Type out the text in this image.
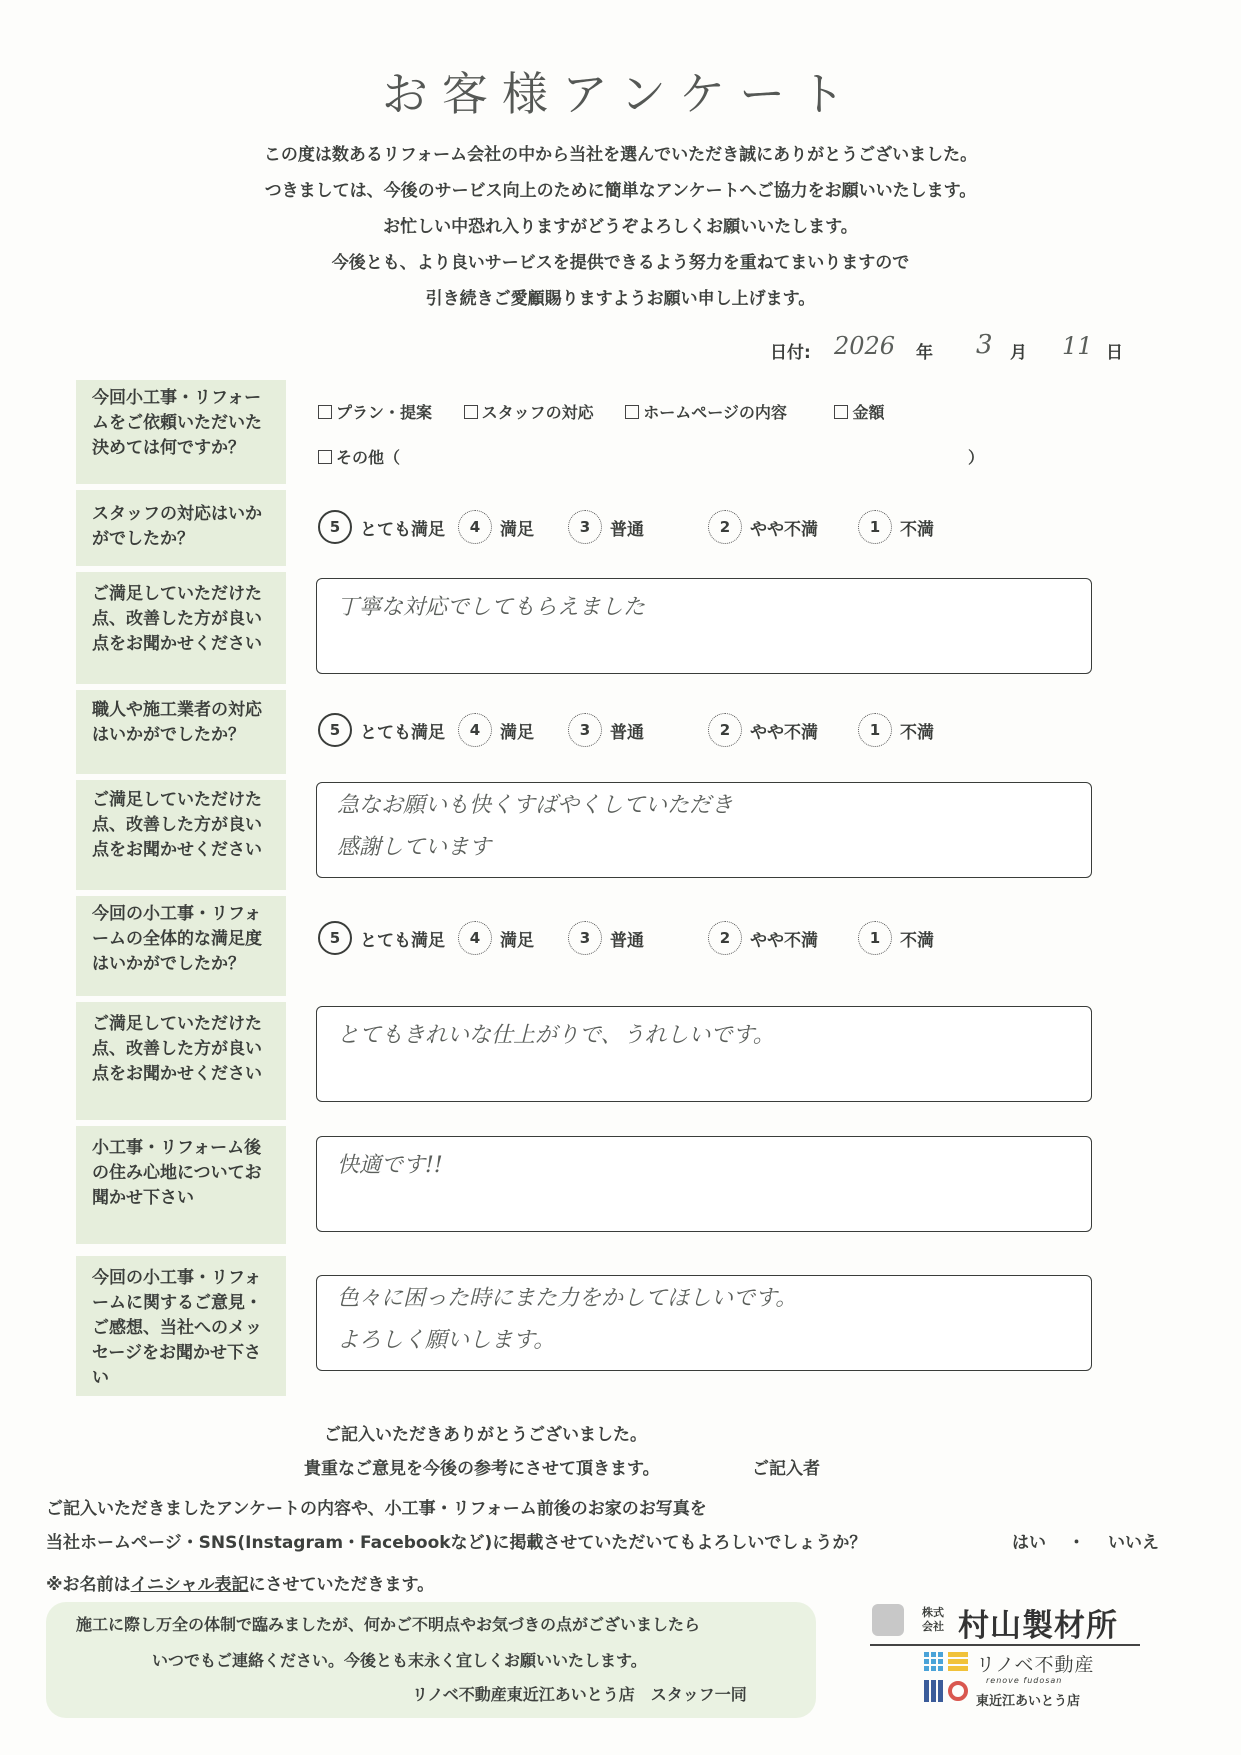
お客様アンケート
この度は数あるリフォーム会社の中から当社を選んでいただき誠にありがとうございました。
つきましては、今後のサービス向上のために簡単なアンケートへご協力をお願いいたします。
お忙しい中恐れ入りますがどうぞよろしくお願いいたします。
今後とも、より良いサービスを提供できるよう努力を重ねてまいりますので
引き続きご愛顧賜りますようお願い申し上げます。
日付: 2026 年 3 月 11 日
今回小工事・リフォームをご依頼いただいた決めては何ですか？
プラン・提案	スタッフの対応	ホームページの内容	金額
その他（	）
スタッフの対応はいかがでしたか？
5	とても満足	4	満足	3	普通	2	やや不満	1	不満
ご満足していただけた点、改善した方が良い点をお聞かせください
丁寧な対応でしてもらえました
職人や施工業者の対応はいかがでしたか？	5	とても満足	4	満足	3	普通	2	やや不満	1	不満
ご満足していただけた点、改善した方が良い点をお聞かせください
急なお願いも快くすばやくしていただき
感謝しています
今回の小工事・リフォームの全体的な満足度はいかがでしたか？
5	とても満足	4	満足	3	普通	2	やや不満	1	不満
ご満足していただけた点、改善した方が良い点をお聞かせください
とてもきれいな仕上がりで、うれしいです。
小工事・リフォーム後の住み心地についてお聞かせ下さい
快適です!!
今回の小工事・リフォームに関するご意見・ご感想、当社へのメッセージをお聞かせ下さい
色々に困った時にまた力をかしてほしいです。
よろしく願いします。
ご記入いただきありがとうございました。
貴重なご意見を今後の参考にさせて頂きます。	ご記入者
ご記入いただきましたアンケートの内容や、小工事・リフォーム前後のお家のお写真を
当社ホームページ・SNS(Instagram・Facebookなど)に掲載させていただいてもよろしいでしょうか？	はい ・ いいえ
※お名前はイニシャル表記にさせていただきます。
施工に際し万全の体制で臨みましたが、何かご不明点やお気づきの点がございましたら
いつでもご連絡ください。今後とも末永く宜しくお願いいたします。
リノベ不動産東近江あいとう店　スタッフ一同
株式会社 村山製材所
リノベ不動産
renove fudosan
東近江あいとう店
